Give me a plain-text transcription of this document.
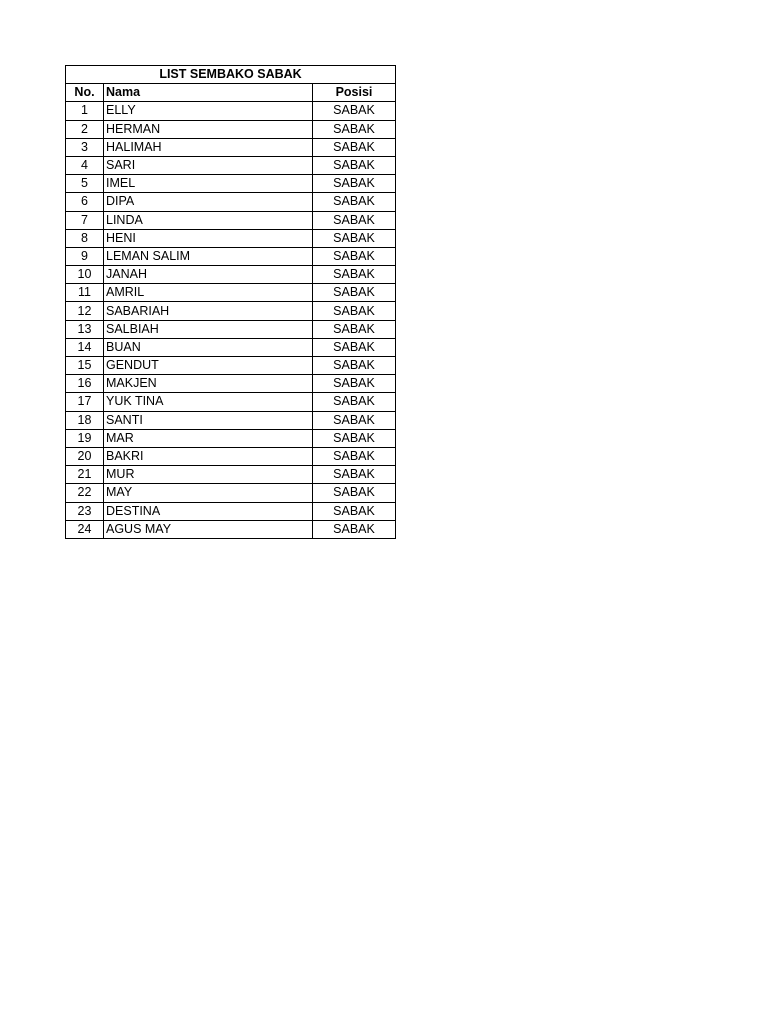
LIST SEMBAKO SABAK		
No.	Nama	Posisi
1	ELLY	SABAK
2	HERMAN	SABAK
3	HALIMAH	SABAK
4	SARI	SABAK
5	IMEL	SABAK
6	DIPA	SABAK
7	LINDA	SABAK
8	HENI	SABAK
9	LEMAN SALIM	SABAK
10	JANAH	SABAK
11	AMRIL	SABAK
12	SABARIAH	SABAK
13	SALBIAH	SABAK
14	BUAN	SABAK
15	GENDUT	SABAK
16	MAKJEN	SABAK
17	YUK TINA	SABAK
18	SANTI	SABAK
19	MAR	SABAK
20	BAKRI	SABAK
21	MUR	SABAK
22	MAY	SABAK
23	DESTINA	SABAK
24	AGUS MAY	SABAK
